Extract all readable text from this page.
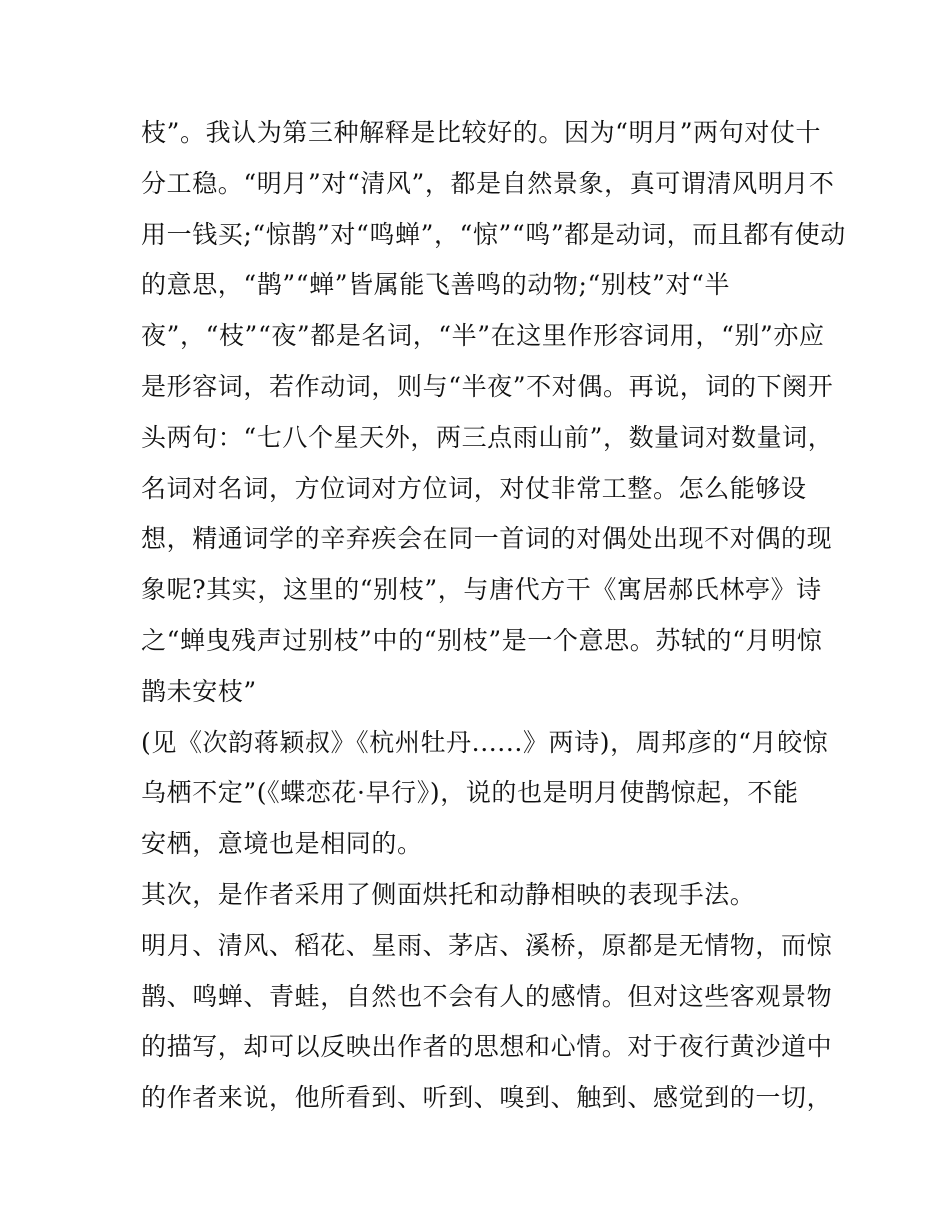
枝”。我认为第三种解释是比较好的。因为“明月”两句对仗十
分工稳。“明月”对“清风”，都是自然景象，真可谓清风明月不
用一钱买;“惊鹊”对“鸣蝉”，“惊”“鸣”都是动词，而且都有使动
的意思，“鹊”“蝉”皆属能飞善鸣的动物;“别枝”对“半
夜”，“枝”“夜”都是名词，“半”在这里作形容词用，“别”亦应
是形容词，若作动词，则与“半夜”不对偶。再说，词的下阕开
头两句：“七八个星天外，两三点雨山前”，数量词对数量词，
名词对名词，方位词对方位词，对仗非常工整。怎么能够设
想，精通词学的辛弃疾会在同一首词的对偶处出现不对偶的现
象呢?其实，这里的“别枝”，与唐代方干《寓居郝氏林亭》诗
之“蝉曳残声过别枝”中的“别枝”是一个意思。苏轼的“月明惊
鹊未安枝”
(见《次韵蒋颖叔》《杭州牡丹......》两诗)，周邦彦的“月皎惊
乌栖不定”(《蝶恋花·早行》)，说的也是明月使鹊惊起，不能
安栖，意境也是相同的。
其次，是作者采用了侧面烘托和动静相映的表现手法。
明月、清风、稻花、星雨、茅店、溪桥，原都是无情物，而惊
鹊、鸣蝉、青蛙，自然也不会有人的感情。但对这些客观景物
的描写，却可以反映出作者的思想和心情。对于夜行黄沙道中
的作者来说，他所看到、听到、嗅到、触到、感觉到的一切，
